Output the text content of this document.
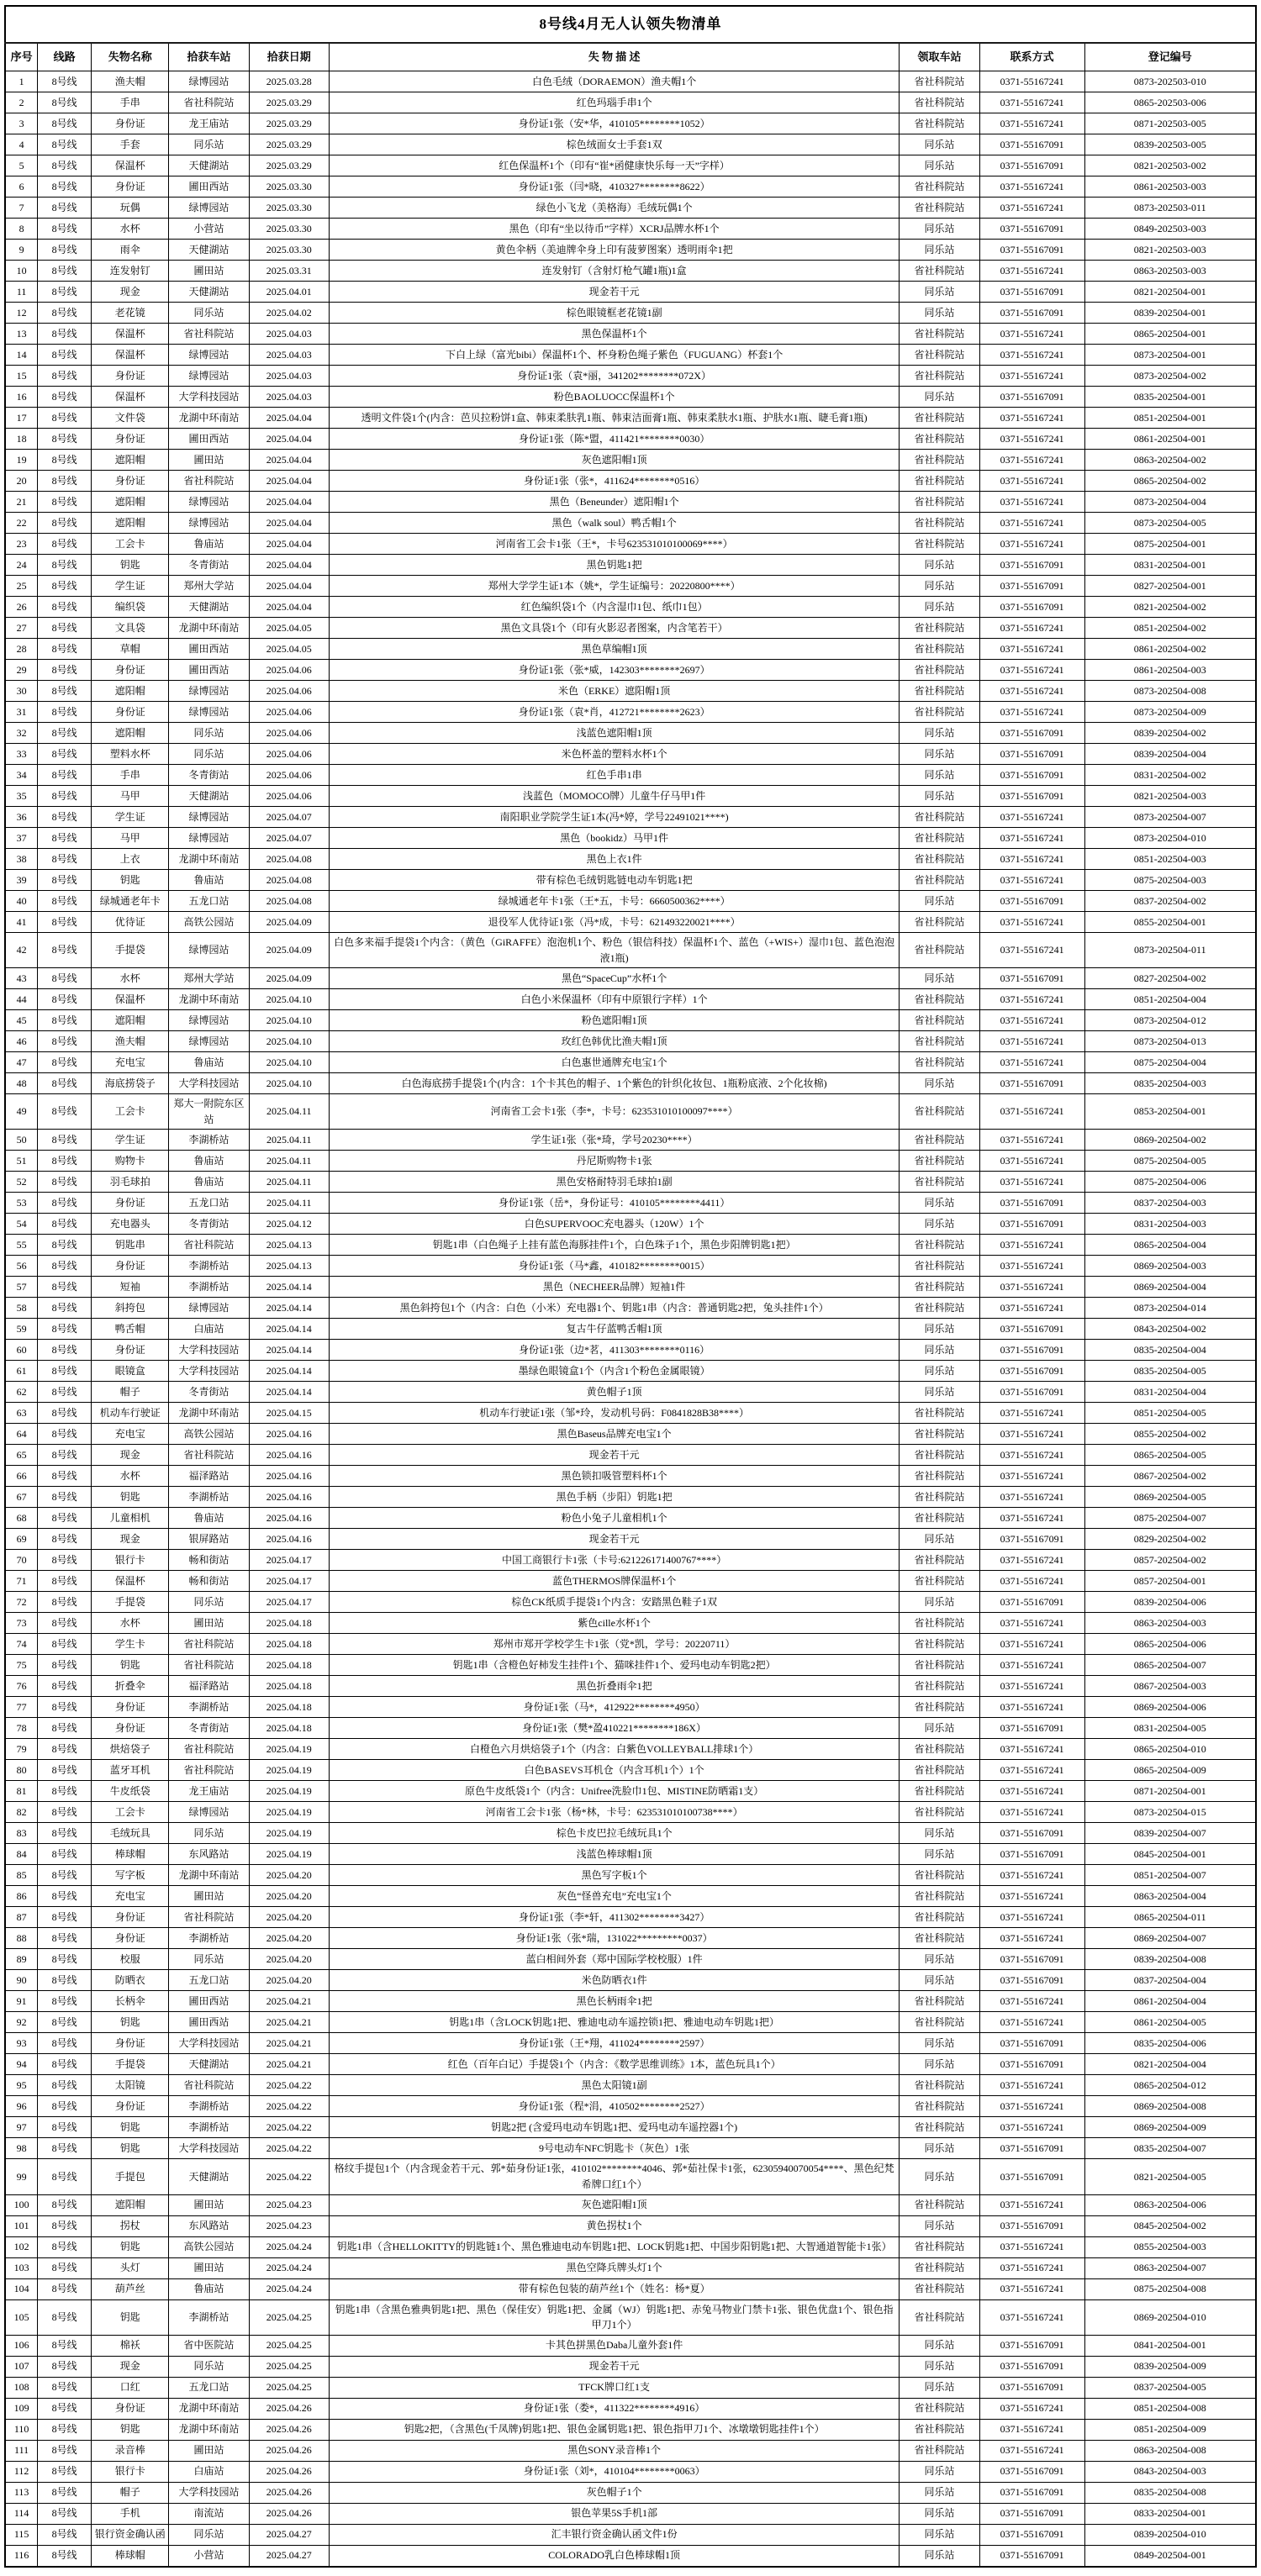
8号线4月无人认领失物清单								
序号	线路	失物名称	拾获车站	拾获日期	失 物 描 述	领取车站	联系方式	登记编号
1	8号线	渔夫帽	绿博园站	2025.03.28	白色毛绒（DORAEMON）渔夫帽1个	省社科院站	0371-55167241	0873-202503-010
2	8号线	手串	省社科院站	2025.03.29	红色玛瑙手串1个	省社科院站	0371-55167241	0865-202503-006
3	8号线	身份证	龙王庙站	2025.03.29	身份证1张（安*华，410105********1052）	省社科院站	0371-55167241	0871-202503-005
4	8号线	手套	同乐站	2025.03.29	棕色绒面女士手套1双	同乐站	0371-55167091	0839-202503-005
5	8号线	保温杯	天健湖站	2025.03.29	红色保温杯1个（印有“崔*函健康快乐每一天”字样）	同乐站	0371-55167091	0821-202503-002
6	8号线	身份证	圃田西站	2025.03.30	身份证1张（闫*晓，410327********8622）	省社科院站	0371-55167241	0861-202503-003
7	8号线	玩偶	绿博园站	2025.03.30	绿色小飞龙（美格海）毛绒玩偶1个	省社科院站	0371-55167241	0873-202503-011
8	8号线	水杯	小营站	2025.03.30	黑色（印有“坐以待币”字样）XCRJ品牌水杯1个	同乐站	0371-55167091	0849-202503-003
9	8号线	雨伞	天健湖站	2025.03.30	黄色伞柄（美迪牌伞身上印有菠萝图案）透明雨伞1把	同乐站	0371-55167091	0821-202503-003
10	8号线	连发射钉	圃田站	2025.03.31	连发射钉（含射灯枪气罐1瓶)1盒	省社科院站	0371-55167241	0863-202503-003
11	8号线	现金	天健湖站	2025.04.01	现金若干元	同乐站	0371-55167091	0821-202504-001
12	8号线	老花镜	同乐站	2025.04.02	棕色眼镜框老花镜1副	同乐站	0371-55167091	0839-202504-001
13	8号线	保温杯	省社科院站	2025.04.03	黑色保温杯1个	省社科院站	0371-55167241	0865-202504-001
14	8号线	保温杯	绿博园站	2025.04.03	下白上绿（富光bibi）保温杯1个、杯身粉色绳子紫色（FUGUANG）杯套1个	省社科院站	0371-55167241	0873-202504-001
15	8号线	身份证	绿博园站	2025.04.03	身份证1张（袁*丽，341202********072X）	省社科院站	0371-55167241	0873-202504-002
16	8号线	保温杯	大学科技园站	2025.04.03	粉色BAOLUOCC保温杯1个	同乐站	0371-55167091	0835-202504-001
17	8号线	文件袋	龙湖中环南站	2025.04.04	透明文件袋1个(内含：芭贝拉粉饼1盒、韩束柔肤乳1瓶、韩束洁面膏1瓶、韩束柔肤水1瓶、护肤水1瓶、睫毛膏1瓶)	省社科院站	0371-55167241	0851-202504-001
18	8号线	身份证	圃田西站	2025.04.04	身份证1张（陈*盟，411421********0030）	省社科院站	0371-55167241	0861-202504-001
19	8号线	遮阳帽	圃田站	2025.04.04	灰色遮阳帽1顶	省社科院站	0371-55167241	0863-202504-002
20	8号线	身份证	省社科院站	2025.04.04	身份证1张（张*，411624********0516）	省社科院站	0371-55167241	0865-202504-002
21	8号线	遮阳帽	绿博园站	2025.04.04	黑色（Beneunder）遮阳帽1个	省社科院站	0371-55167241	0873-202504-004
22	8号线	遮阳帽	绿博园站	2025.04.04	黑色（walk soul）鸭舌帽1个	省社科院站	0371-55167241	0873-202504-005
23	8号线	工会卡	鲁庙站	2025.04.04	河南省工会卡1张（王*，卡号623531010100069****）	省社科院站	0371-55167241	0875-202504-001
24	8号线	钥匙	冬青街站	2025.04.04	黑色钥匙1把	同乐站	0371-55167091	0831-202504-001
25	8号线	学生证	郑州大学站	2025.04.04	郑州大学学生证1本（姚*，学生证编号：20220800****）	同乐站	0371-55167091	0827-202504-001
26	8号线	编织袋	天健湖站	2025.04.04	红色编织袋1个（内含湿巾1包、纸巾1包）	同乐站	0371-55167091	0821-202504-002
27	8号线	文具袋	龙湖中环南站	2025.04.05	黑色文具袋1个（印有火影忍者图案，内含笔若干）	省社科院站	0371-55167241	0851-202504-002
28	8号线	草帽	圃田西站	2025.04.05	黑色草编帽1顶	省社科院站	0371-55167241	0861-202504-002
29	8号线	身份证	圃田西站	2025.04.06	身份证1张（张*威，142303********2697）	省社科院站	0371-55167241	0861-202504-003
30	8号线	遮阳帽	绿博园站	2025.04.06	米色（ERKE）遮阳帽1顶	省社科院站	0371-55167241	0873-202504-008
31	8号线	身份证	绿博园站	2025.04.06	身份证1张（袁*肖，412721********2623）	省社科院站	0371-55167241	0873-202504-009
32	8号线	遮阳帽	同乐站	2025.04.06	浅蓝色遮阳帽1顶	同乐站	0371-55167091	0839-202504-002
33	8号线	塑料水杯	同乐站	2025.04.06	米色杯盖的塑料水杯1个	同乐站	0371-55167091	0839-202504-004
34	8号线	手串	冬青街站	2025.04.06	红色手串1串	同乐站	0371-55167091	0831-202504-002
35	8号线	马甲	天健湖站	2025.04.06	浅蓝色（MOMOCO牌）儿童牛仔马甲1件	同乐站	0371-55167091	0821-202504-003
36	8号线	学生证	绿博园站	2025.04.07	南阳职业学院学生证1本(冯*婷，学号22491021****)	省社科院站	0371-55167241	0873-202504-007
37	8号线	马甲	绿博园站	2025.04.07	黑色（bookidz）马甲1件	省社科院站	0371-55167241	0873-202504-010
38	8号线	上衣	龙湖中环南站	2025.04.08	黑色上衣1件	省社科院站	0371-55167241	0851-202504-003
39	8号线	钥匙	鲁庙站	2025.04.08	带有棕色毛绒钥匙链电动车钥匙1把	省社科院站	0371-55167241	0875-202504-003
40	8号线	绿城通老年卡	五龙口站	2025.04.08	绿城通老年卡1张（王*五，卡号：6660500362****）	同乐站	0371-55167091	0837-202504-002
41	8号线	优待证	高铁公园站	2025.04.09	退役军人优待证1张（冯*成，卡号：621493220021****）	省社科院站	0371-55167241	0855-202504-001
42	8号线	手提袋	绿博园站	2025.04.09	白色多来福手提袋1个内含：（黄色（GiRAFFE）泡泡机1个、粉色（银信科技）保温杯1个、蓝色（+WIS+）湿巾1包、蓝色泡泡液1瓶)	省社科院站	0371-55167241	0873-202504-011
43	8号线	水杯	郑州大学站	2025.04.09	黑色“SpaceCup”水杯1个	同乐站	0371-55167091	0827-202504-002
44	8号线	保温杯	龙湖中环南站	2025.04.10	白色小米保温杯（印有中原银行字样）1个	省社科院站	0371-55167241	0851-202504-004
45	8号线	遮阳帽	绿博园站	2025.04.10	粉色遮阳帽1顶	省社科院站	0371-55167241	0873-202504-012
46	8号线	渔夫帽	绿博园站	2025.04.10	玫红色韩优比渔夫帽1顶	省社科院站	0371-55167241	0873-202504-013
47	8号线	充电宝	鲁庙站	2025.04.10	白色惠世通牌充电宝1个	省社科院站	0371-55167241	0875-202504-004
48	8号线	海底捞袋子	大学科技园站	2025.04.10	白色海底捞手提袋1个(内含：1个卡其色的帽子、1个紫色的针织化妆包、1瓶粉底液、2个化妆棉)	同乐站	0371-55167091	0835-202504-003
49	8号线	工会卡	郑大一附院东区站	2025.04.11	河南省工会卡1张（李*，卡号：623531010100097****）	省社科院站	0371-55167241	0853-202504-001
50	8号线	学生证	李湖桥站	2025.04.11	学生证1张（张*琦，学号20230****）	省社科院站	0371-55167241	0869-202504-002
51	8号线	购物卡	鲁庙站	2025.04.11	丹尼斯购物卡1张	省社科院站	0371-55167241	0875-202504-005
52	8号线	羽毛球拍	鲁庙站	2025.04.11	黑色安格耐特羽毛球拍1副	省社科院站	0371-55167241	0875-202504-006
53	8号线	身份证	五龙口站	2025.04.11	身份证1张（岳*，身份证号：410105********4411）	同乐站	0371-55167091	0837-202504-003
54	8号线	充电器头	冬青街站	2025.04.12	白色SUPERVOOC充电器头（120W）1个	同乐站	0371-55167091	0831-202504-003
55	8号线	钥匙串	省社科院站	2025.04.13	钥匙1串（白色绳子上挂有蓝色海豚挂件1个，白色珠子1个，黑色步阳牌钥匙1把）	省社科院站	0371-55167241	0865-202504-004
56	8号线	身份证	李湖桥站	2025.04.13	身份证1张（马*鑫，410182********0015）	省社科院站	0371-55167241	0869-202504-003
57	8号线	短袖	李湖桥站	2025.04.14	黑色（NECHEER品牌）短袖1件	省社科院站	0371-55167241	0869-202504-004
58	8号线	斜挎包	绿博园站	2025.04.14	黑色斜挎包1个（内含：白色（小米）充电器1个、钥匙1串（内含：普通钥匙2把，兔头挂件1个）	省社科院站	0371-55167241	0873-202504-014
59	8号线	鸭舌帽	白庙站	2025.04.14	复古牛仔蓝鸭舌帽1顶	同乐站	0371-55167091	0843-202504-002
60	8号线	身份证	大学科技园站	2025.04.14	身份证1张（边*茗，411303********0116）	同乐站	0371-55167091	0835-202504-004
61	8号线	眼镜盒	大学科技园站	2025.04.14	墨绿色眼镜盒1个（内含1个粉色金属眼镜）	同乐站	0371-55167091	0835-202504-005
62	8号线	帽子	冬青街站	2025.04.14	黄色帽子1顶	同乐站	0371-55167091	0831-202504-004
63	8号线	机动车行驶证	龙湖中环南站	2025.04.15	机动车行驶证1张（邹*玲，发动机号码：F0841828B38****）	省社科院站	0371-55167241	0851-202504-005
64	8号线	充电宝	高铁公园站	2025.04.16	黑色Baseus品牌充电宝1个	省社科院站	0371-55167241	0855-202504-002
65	8号线	现金	省社科院站	2025.04.16	现金若干元	省社科院站	0371-55167241	0865-202504-005
66	8号线	水杯	福泽路站	2025.04.16	黑色锁扣吸管塑料杯1个	省社科院站	0371-55167241	0867-202504-002
67	8号线	钥匙	李湖桥站	2025.04.16	黑色手柄（步阳）钥匙1把	省社科院站	0371-55167241	0869-202504-005
68	8号线	儿童相机	鲁庙站	2025.04.16	粉色小兔子儿童相机1个	省社科院站	0371-55167241	0875-202504-007
69	8号线	现金	银屏路站	2025.04.16	现金若干元	同乐站	0371-55167091	0829-202504-002
70	8号线	银行卡	畅和街站	2025.04.17	中国工商银行卡1张（卡号:621226171400767****）	省社科院站	0371-55167241	0857-202504-002
71	8号线	保温杯	畅和街站	2025.04.17	蓝色THERMOS牌保温杯1个	省社科院站	0371-55167241	0857-202504-001
72	8号线	手提袋	同乐站	2025.04.17	棕色CK纸质手提袋1个内含：安踏黑色鞋子1双	同乐站	0371-55167091	0839-202504-006
73	8号线	水杯	圃田站	2025.04.18	紫色cille水杯1个	省社科院站	0371-55167241	0863-202504-003
74	8号线	学生卡	省社科院站	2025.04.18	郑州市郑开学校学生卡1张（党*凯，学号：20220711）	省社科院站	0371-55167241	0865-202504-006
75	8号线	钥匙	省社科院站	2025.04.18	钥匙1串（含橙色好柿发生挂件1个、猫咪挂件1个、爱玛电动车钥匙2把）	省社科院站	0371-55167241	0865-202504-007
76	8号线	折叠伞	福泽路站	2025.04.18	黑色折叠雨伞1把	省社科院站	0371-55167241	0867-202504-003
77	8号线	身份证	李湖桥站	2025.04.18	身份证1张（马*，412922********4950）	省社科院站	0371-55167241	0869-202504-006
78	8号线	身份证	冬青街站	2025.04.18	身份证1张（樊*盈410221********186X）	同乐站	0371-55167091	0831-202504-005
79	8号线	烘焙袋子	省社科院站	2025.04.19	白橙色六月烘焙袋子1个（内含：白紫色VOLLEYBALL排球1个）	省社科院站	0371-55167241	0865-202504-010
80	8号线	蓝牙耳机	省社科院站	2025.04.19	白色BASEVS耳机仓（内含耳机1个）1个	省社科院站	0371-55167241	0865-202504-009
81	8号线	牛皮纸袋	龙王庙站	2025.04.19	原色牛皮纸袋1个（内含：Unifree洗脸巾1包、MISTINE防晒霜1支）	省社科院站	0371-55167241	0871-202504-001
82	8号线	工会卡	绿博园站	2025.04.19	河南省工会卡1张（杨*林，卡号：623531010100738****）	省社科院站	0371-55167241	0873-202504-015
83	8号线	毛绒玩具	同乐站	2025.04.19	棕色卡皮巴拉毛绒玩具1个	同乐站	0371-55167091	0839-202504-007
84	8号线	棒球帽	东风路站	2025.04.19	浅蓝色棒球帽1顶	同乐站	0371-55167091	0845-202504-001
85	8号线	写字板	龙湖中环南站	2025.04.20	黑色写字板1个	省社科院站	0371-55167241	0851-202504-007
86	8号线	充电宝	圃田站	2025.04.20	灰色“怪兽充电”充电宝1个	省社科院站	0371-55167241	0863-202504-004
87	8号线	身份证	省社科院站	2025.04.20	身份证1张（李*轩，411302********3427）	省社科院站	0371-55167241	0865-202504-011
88	8号线	身份证	李湖桥站	2025.04.20	身份证1张（张*瑞，131022*********0037）	省社科院站	0371-55167241	0869-202504-007
89	8号线	校服	同乐站	2025.04.20	蓝白相间外套（郑中国际学校校服）1件	同乐站	0371-55167091	0839-202504-008
90	8号线	防晒衣	五龙口站	2025.04.20	米色防晒衣1件	同乐站	0371-55167091	0837-202504-004
91	8号线	长柄伞	圃田西站	2025.04.21	黑色长柄雨伞1把	省社科院站	0371-55167241	0861-202504-004
92	8号线	钥匙	圃田西站	2025.04.21	钥匙1串（含LOCK钥匙1把、雅迪电动车遥控锁1把、雅迪电动车钥匙1把）	省社科院站	0371-55167241	0861-202504-005
93	8号线	身份证	大学科技园站	2025.04.21	身份证1张（王*翔，411024********2597）	同乐站	0371-55167091	0835-202504-006
94	8号线	手提袋	天健湖站	2025.04.21	红色（百年白记）手提袋1个（内含：《数学思维训练》1本，蓝色玩具1个）	同乐站	0371-55167091	0821-202504-004
95	8号线	太阳镜	省社科院站	2025.04.22	黑色太阳镜1副	省社科院站	0371-55167241	0865-202504-012
96	8号线	身份证	李湖桥站	2025.04.22	身份证1张（程*涓，410502********2527）	省社科院站	0371-55167241	0869-202504-008
97	8号线	钥匙	李湖桥站	2025.04.22	钥匙2把 (含爱玛电动车钥匙1把、爱玛电动车遥控器1个)	省社科院站	0371-55167241	0869-202504-009
98	8号线	钥匙	大学科技园站	2025.04.22	9号电动车NFC钥匙卡（灰色）1张	同乐站	0371-55167091	0835-202504-007
99	8号线	手提包	天健湖站	2025.04.22	格纹手提包1个（内含现金若干元、郭*茹身份证1张，410102********4046、郭*茹社保卡1张，62305940070054****、黑色纪梵希牌口红1个）	同乐站	0371-55167091	0821-202504-005
100	8号线	遮阳帽	圃田站	2025.04.23	灰色遮阳帽1顶	省社科院站	0371-55167241	0863-202504-006
101	8号线	拐杖	东风路站	2025.04.23	黄色拐杖1个	同乐站	0371-55167091	0845-202504-002
102	8号线	钥匙	高铁公园站	2025.04.24	钥匙1串（含HELLOKITTY的钥匙链1个、黑色雅迪电动车钥匙1把、LOCK钥匙1把、中国步阳钥匙1把、大智通道智能卡1张）	省社科院站	0371-55167241	0855-202504-003
103	8号线	头灯	圃田站	2025.04.24	黑色空降兵牌头灯1个	省社科院站	0371-55167241	0863-202504-007
104	8号线	葫芦丝	鲁庙站	2025.04.24	带有棕色包装的葫芦丝1个（姓名：杨*夏）	省社科院站	0371-55167241	0875-202504-008
105	8号线	钥匙	李湖桥站	2025.04.25	钥匙1串（含黑色雅典钥匙1把、黑色（保佳安）钥匙1把、金属（WJ）钥匙1把、赤兔马物业门禁卡1张、银色优盘1个、银色指甲刀1个）	省社科院站	0371-55167241	0869-202504-010
106	8号线	棉袄	省中医院站	2025.04.25	卡其色拼黑色Daba儿童外套1件	同乐站	0371-55167091	0841-202504-001
107	8号线	现金	同乐站	2025.04.25	现金若干元	同乐站	0371-55167091	0839-202504-009
108	8号线	口红	五龙口站	2025.04.25	TFCK牌口红1支	同乐站	0371-55167091	0837-202504-005
109	8号线	身份证	龙湖中环南站	2025.04.26	身份证1张（娄*，411322********4916）	省社科院站	0371-55167241	0851-202504-008
110	8号线	钥匙	龙湖中环南站	2025.04.26	钥匙2把，（含黑色(千凤牌)钥匙1把、银色金属钥匙1把、银色指甲刀1个、冰墩墩钥匙挂件1个）	省社科院站	0371-55167241	0851-202504-009
111	8号线	录音棒	圃田站	2025.04.26	黑色SONY录音棒1个	省社科院站	0371-55167241	0863-202504-008
112	8号线	银行卡	白庙站	2025.04.26	身份证1张（刘*，410104********0063）	同乐站	0371-55167091	0843-202504-003
113	8号线	帽子	大学科技园站	2025.04.26	灰色帽子1个	同乐站	0371-55167091	0835-202504-008
114	8号线	手机	南流站	2025.04.26	银色苹果5S手机1部	同乐站	0371-55167091	0833-202504-001
115	8号线	银行资金确认函	同乐站	2025.04.27	汇丰银行资金确认函文件1份	同乐站	0371-55167091	0839-202504-010
116	8号线	棒球帽	小营站	2025.04.27	COLORADO乳白色棒球帽1顶	同乐站	0371-55167091	0849-202504-001
